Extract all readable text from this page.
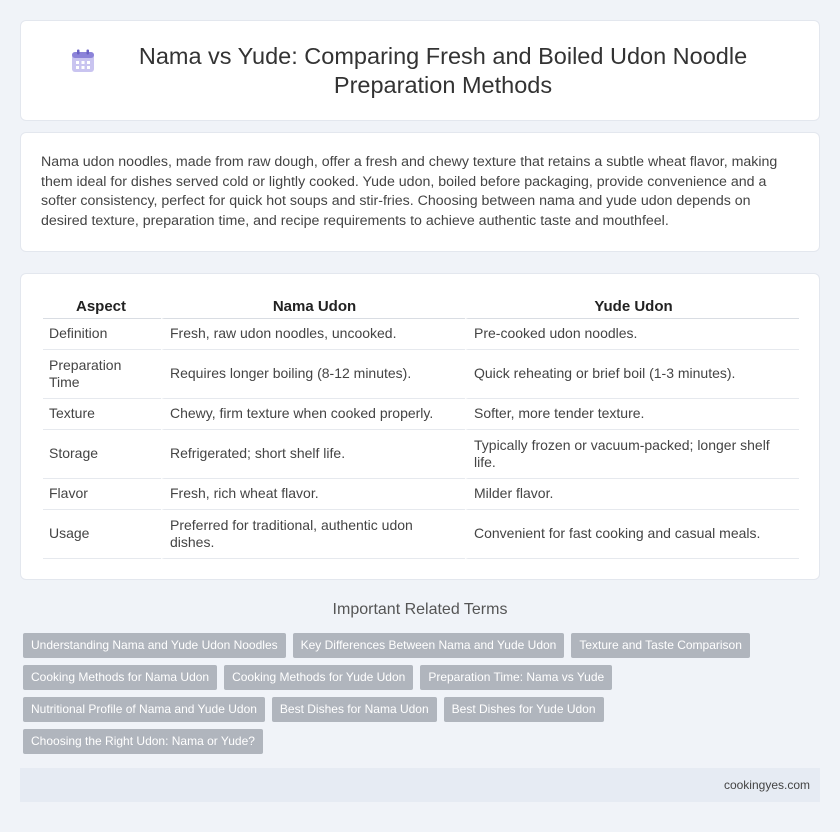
Nama vs Yude: Comparing Fresh and Boiled Udon Noodle Preparation Methods

Nama udon noodles, made from raw dough, offer a fresh and chewy texture that retains a subtle wheat flavor, making them ideal for dishes served cold or lightly cooked. Yude udon, boiled before packaging, provide convenience and a softer consistency, perfect for quick hot soups and stir-fries. Choosing between nama and yude udon depends on desired texture, preparation time, and recipe requirements to achieve authentic taste and mouthfeel.

Aspect	Nama Udon	Yude Udon
Definition	Fresh, raw udon noodles, uncooked.	Pre-cooked udon noodles.
Preparation Time	Requires longer boiling (8-12 minutes).	Quick reheating or brief boil (1-3 minutes).
Texture	Chewy, firm texture when cooked properly.	Softer, more tender texture.
Storage	Refrigerated; short shelf life.	Typically frozen or vacuum-packed; longer shelf life.
Flavor	Fresh, rich wheat flavor.	Milder flavor.
Usage	Preferred for traditional, authentic udon dishes.	Convenient for fast cooking and casual meals.
Important Related Terms
Understanding Nama and Yude Udon Noodles	Key Differences Between Nama and Yude Udon	Texture and Taste Comparison
Cooking Methods for Nama Udon	Cooking Methods for Yude Udon	Preparation Time: Nama vs Yude
Nutritional Profile of Nama and Yude Udon	Best Dishes for Nama Udon	Best Dishes for Yude Udon
Choosing the Right Udon: Nama or Yude?
cookingyes.com
